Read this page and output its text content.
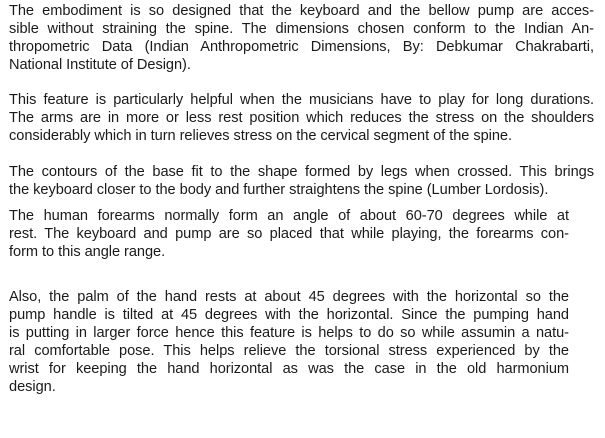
The embodiment is so designed that the keyboard and the bellow pump are acces-
sible without straining the spine. The dimensions chosen conform to the Indian An-
thropometric Data (Indian Anthropometric Dimensions, By: Debkumar Chakrabarti,
National Institute of Design).
This feature is particularly helpful when the musicians have to play for long durations.
The arms are in more or less rest position which reduces the stress on the shoulders
considerably which in turn relieves stress on the cervical segment of the spine.
The contours of the base fit to the shape formed by legs when crossed. This brings
the keyboard closer to the body and further straightens the spine (Lumber Lordosis).
The human forearms normally form an angle of about 60-70 degrees while at
rest. The keyboard and pump are so placed that while playing, the forearms con-
form to this angle range.
Also, the palm of the hand rests at about 45 degrees with the horizontal so the
pump handle is tilted at 45 degrees with the horizontal. Since the pumping hand
is putting in larger force hence this feature is helps to do so while assumin a natu-
ral comfortable pose. This helps relieve the torsional stress experienced by the
wrist for keeping the hand horizontal as was the case in the old harmonium
design.
